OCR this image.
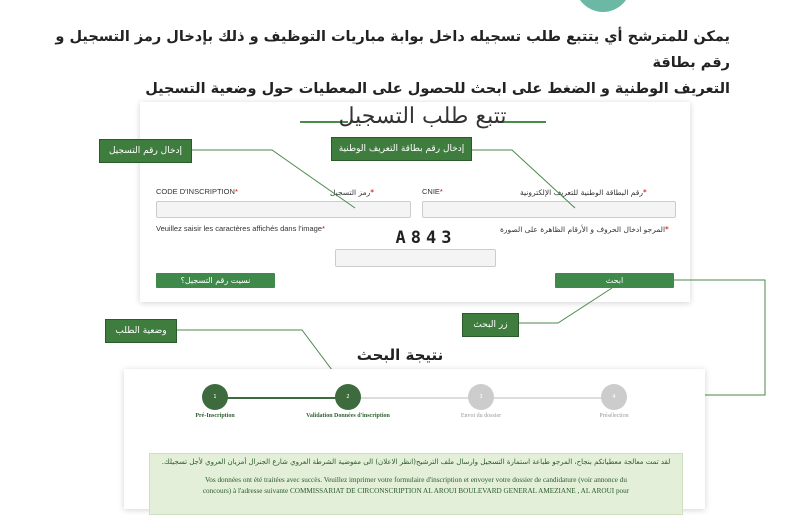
يمكن للمترشح أي يتتبع طلب تسجيله داخل بوابة مباريات التوظيف و ذلك بإدخال رمز التسجيل و رقم بطاقة
التعريف الوطنية و الضغط على ابحث للحصول على المعطيات حول وضعية التسجيل
تتبع طلب التسجيل
CODE D'INSCRIPTION*	*رمز التسجيل	CNIE*	*رقم البطاقة الوطنية للتعريف الإلكترونية
Veuillez saisir les caractères affichés dans l'image*	*المرجو ادخال الحروف و الأرقام الظاهرة على الصورة
A843
نسيت رقم التسجيل؟	ابحث
إدخال رقم التسجيل	إدخال رقم بطاقة التعريف الوطنية
زر البحث
وضعية الطلب
نتيجة البحث
1	2	3	4
Pré-Inscription	Validation Données d'inscription	Envoi du dossier	Présélection
لقد تمت معالجة معطياتكم بنجاح، المرجو طباعة استمارة التسجيل وارسال ملف الترشيح(انظر الاعلان) الى مفوضية الشرطة العروي شارع الجنرال أمزيان العروي لأجل تسجيلك.
Vos données ont été traitées avec succès. Veuillez imprimer votre formulaire d'inscription et envoyer votre dossier de candidature (voir annonce du
concours) à l'adresse suivante COMMISSARIAT DE CIRCONSCRIPTION AL AROUI BOULEVARD GENERAL AMEZIANE , AL AROUI pour
